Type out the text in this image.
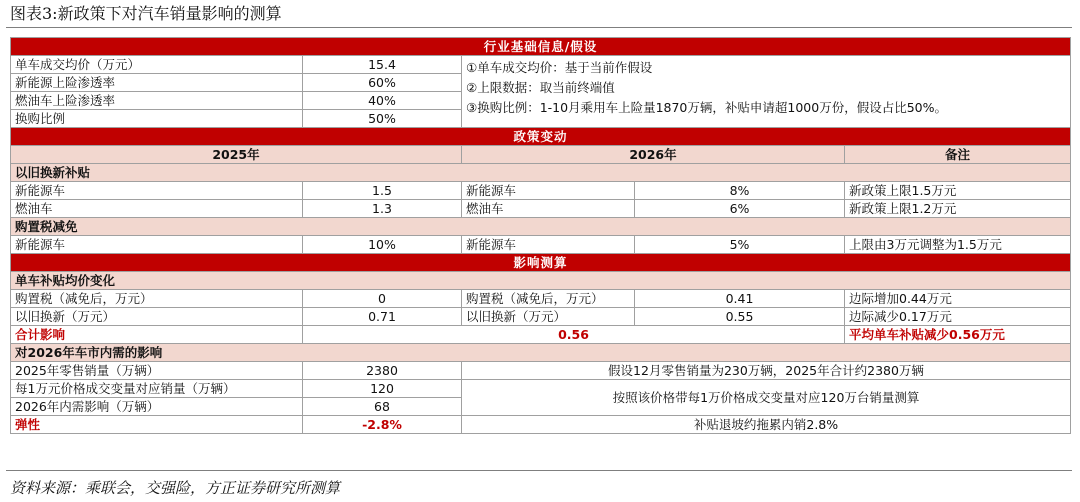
图表3:新政策下对汽车销量影响的测算
行业基础信息/假设				
单车成交均价（万元）	15.4	①单车成交均价：基于当前作假设
②上限数据：取当前终端值
③换购比例：1-10月乘用车上险量1870万辆，补贴申请超1000万份，假设占比50%。		

新能源上险渗透率	60%			
燃油车上险渗透率	40%			
换购比例	50%			
政策变动				
2025年		2026年		备注
以旧换新补贴				
新能源车	1.5	新能源车	8%	新政策上限1.5万元
燃油车	1.3	燃油车	6%	新政策上限1.2万元
购置税减免				
新能源车	10%	新能源车	5%	上限由3万元调整为1.5万元
影响测算				
单车补贴均价变化				
购置税（减免后，万元）	0	购置税（减免后，万元）	0.41	边际增加0.44万元
以旧换新（万元）	0.71	以旧换新（万元）	0.55	边际减少0.17万元
合计影响	0.56			平均单车补贴减少0.56万元
对2026年车市内需的影响				
2025年零售销量（万辆）	2380	假设12月零售销量为230万辆，2025年合计约2380万辆		
每1万元价格成交变量对应销量（万辆）	120	按照该价格带每1万价格成交变量对应120万台销量测算		
2026年内需影响（万辆）	68			
弹性	-2.8%	补贴退坡约拖累内销2.8%		
资料来源：乘联会，交强险，方正证券研究所测算
